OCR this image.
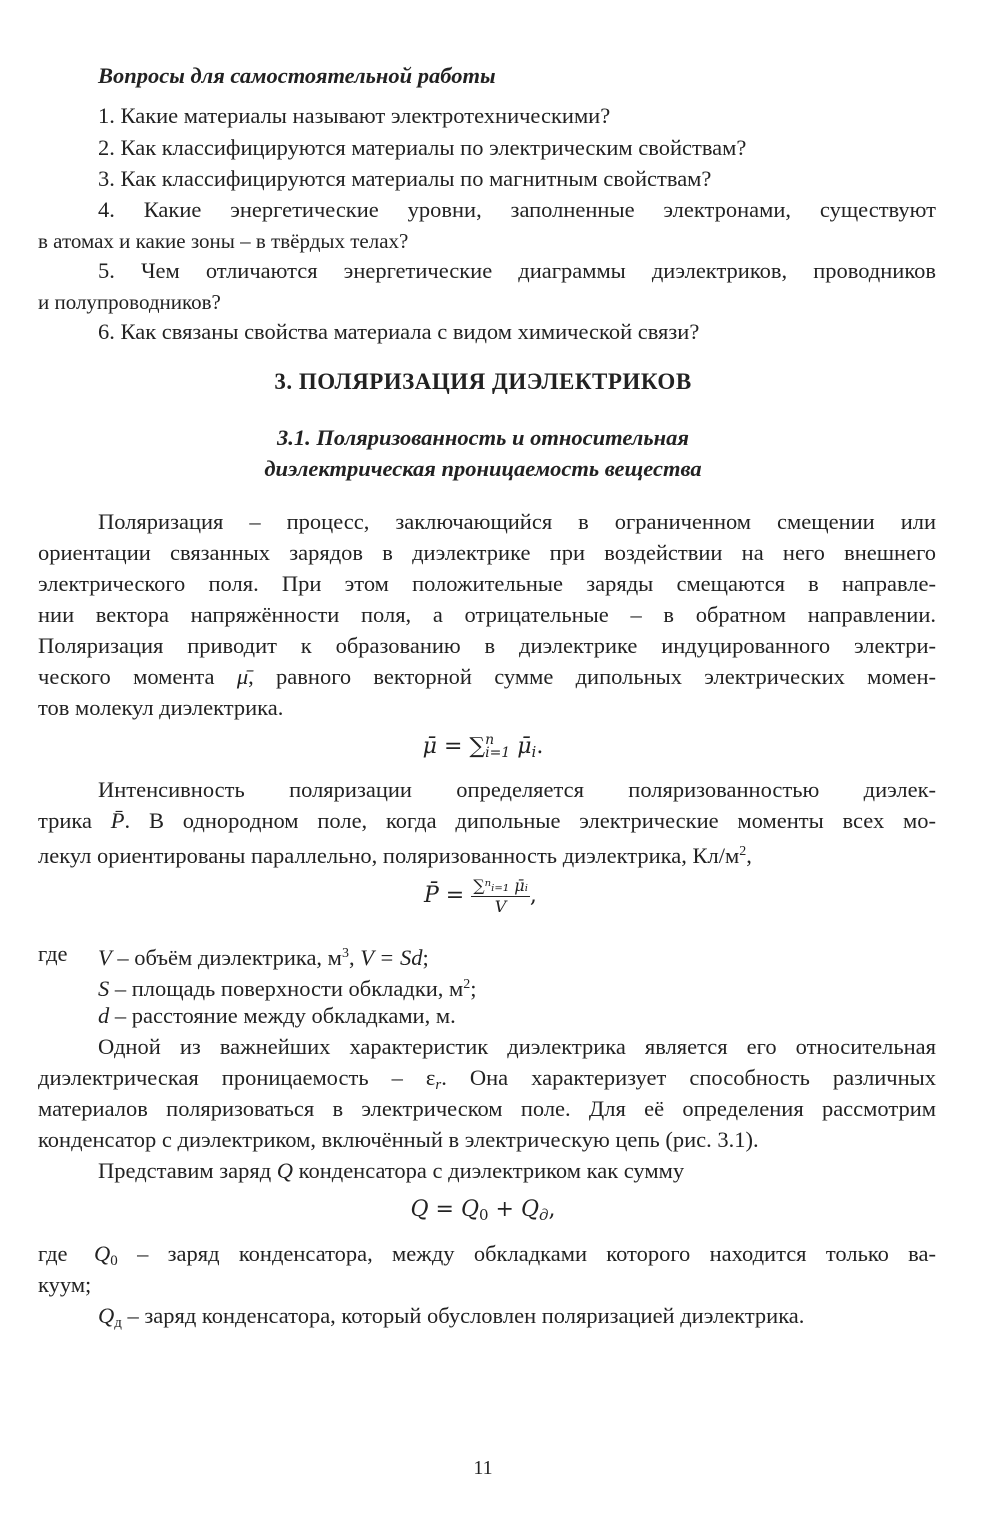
Вопросы для самостоятельной работы
1. Какие материалы называют электротехническими?
2. Как классифицируются материалы по электрическим свойствам?
3. Как классифицируются материалы по магнитным свойствам?
4. Какие энергетические уровни, заполненные электронами, существуют
в атомах и какие зоны – в твёрдых телах?
5. Чем отличаются энергетические диаграммы диэлектриков, проводников
и полупроводников?
6. Как связаны свойства материала с видом химической связи?
3. ПОЛЯРИЗАЦИЯ ДИЭЛЕКТРИКОВ
3.1. Поляризованность и относительная
диэлектрическая проницаемость вещества
Поляризация – процесс, заключающийся в ограниченном смещении или
ориентации связанных зарядов в диэлектрике при воздействии на него внешнего
электрического поля. При этом положительные заряды смещаются в направле-
нии вектора напряжённости поля, а отрицательные – в обратном направлении.
Поляризация приводит к образованию в диэлектрике индуцированного электри-
ческого момента μ̄, равного векторной сумме дипольных электрических момен-
тов молекул диэлектрика.
μ̄ = ∑ n
i=1 $\mū_i$.
Интенсивность поляризации определяется поляризованностью диэлек-
трика P̄. В однородном поле, когда дипольные электрические моменты всех мо-
лекул ориентированы параллельно, поляризованность диэлектрика, $Кл/м^2$,
P̄ = $\frac{\text{∑ⁿᵢ₌₁ μ̄ᵢ}}{V}$ ,
где V – объём диэлектрика, $м^3$, V = Sd;
S – площадь поверхности обкладки, $м^2$;
d – расстояние между обкладками, м.
Одной из важнейших характеристик диэлектрика является его относительная
диэлектрическая проницаемость – $\varepsilon_r$. Она характеризует способность различных
материалов поляризоваться в электрическом поле. Для её определения рассмотрим
конденсатор с диэлектриком, включённый в электрическую цепь (рис. 3.1).
Представим заряд Q конденсатора с диэлектриком как сумму
$Q = Q_0 + Q_д$,
где $Q_0$ – заряд конденсатора, между обкладками которого находится только ва-
куум;
$Q_д$ – заряд конденсатора, который обусловлен поляризацией диэлектрика.
11
